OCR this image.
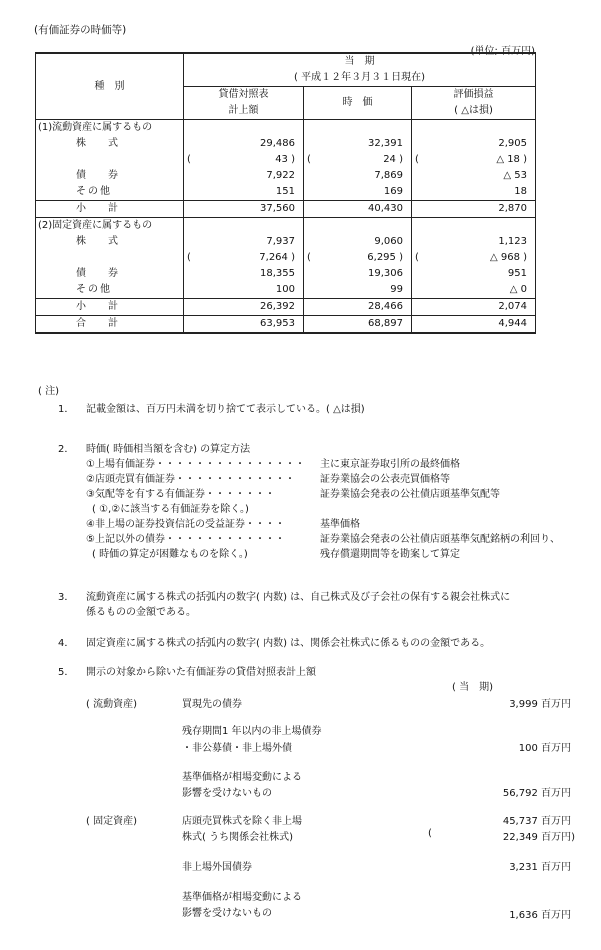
(有価証券の時価等)
(単位; 百万円)
種　別	当　期		
	( 平成１２年３月３１日現在)		
	貸借対照表	時　価	評価損益
	計上額		( △は損)
(1)流動資産に属するもの			
株　式	29,486	32,391	2,905

	( 43 )	( 24 )	( △ 18 )

債　券	7,922	7,869	△ 53
その他	151	169	18
小　計	37,560	40,430	2,870
(2)固定資産に属するもの			
株　式	7,937	9,060	1,123

	( 7,264 )	( 6,295 )	( △ 968 )

債　券	18,355	19,306	951
その他	100	99	△ 0
小　計	26,392	28,466	2,074
合　計	63,953	68,897	4,944
( 注)
1． 記載金額は、百万円未満を切り捨てて表示している。( △は損)
2． 時価( 時価相当額を含む) の算定方法
①上場有価証券・・・・・・・・・・・・・・・ 主に東京証券取引所の最終価格
②店頭売買有価証券・・・・・・・・・・・・	証券業協会の公表売買価格等
③気配等を有する有価証券・・・・・・・	証券業協会発表の公社債店頭基準気配等
( ①,②に該当する有価証券を除く。)
④非上場の証券投資信託の受益証券・・・・	基準価格
⑤上記以外の債券・・・・・・・・・・・・	証券業協会発表の公社債店頭基準気配銘柄の利回り、
( 時価の算定が困難なものを除く。)	残存償還期間等を勘案して算定
3． 流動資産に属する株式の括弧内の数字( 内数) は、自己株式及び子会社の保有する親会社株式に
係るものの金額である。
4． 固定資産に属する株式の括弧内の数字( 内数) は、関係会社株式に係るものの金額である。
5． 開示の対象から除いた有価証券の貸借対照表計上額
( 当　期)
( 流動資産)	買現先の債券	3,999 百万円
残存期間1 年以内の非上場債券
・非公募債・非上場外債	100 百万円
基準価格が相場変動による
影響を受けないもの	56,792 百万円
( 固定資産)	店頭売買株式を除く非上場	45,737 百万円
株式( うち関係会社株式)	(	22,349 百万円)
非上場外国債券	3,231 百万円
基準価格が相場変動による
影響を受けないもの	1,636 百万円
